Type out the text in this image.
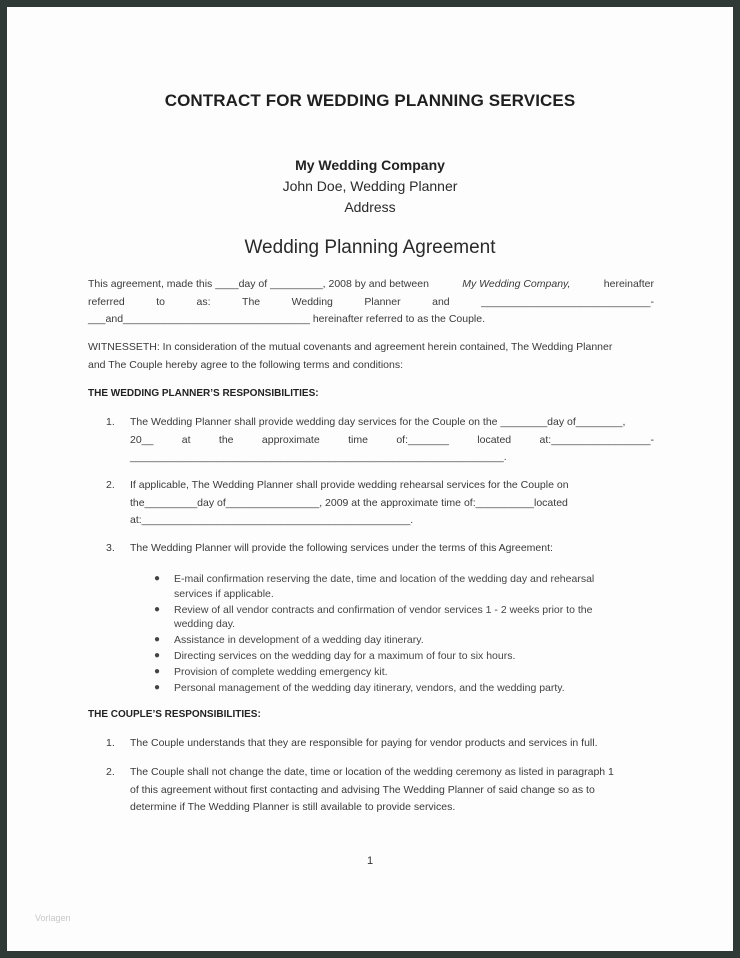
CONTRACT FOR WEDDING PLANNING SERVICES
My Wedding Company
John Doe, Wedding Planner
Address
Wedding Planning Agreement
This agreement, made this ____day of _________, 2008 by and between	My Wedding Company,	hereinafter
referred	to	as:	The	Wedding	Planner	and	_____________________________-
___and________________________________ hereinafter referred to as the Couple.
WITNESSETH: In consideration of the mutual covenants and agreement herein contained, The Wedding Planner
and The Couple hereby agree to the following terms and conditions:
THE WEDDING PLANNER’S RESPONSIBILITIES:
1. The Wedding Planner shall provide wedding day services for the Couple on the ________day of________,
20__	at	the	approximate	time	of:_______	located	at:_________________-
________________________________________________________________.
2. If applicable, The Wedding Planner shall provide wedding rehearsal services for the Couple on
the_________day of________________, 2009 at the approximate time of:__________located
at:______________________________________________.
3. The Wedding Planner will provide the following services under the terms of this Agreement:
● E-mail confirmation reserving the date, time and location of the wedding day and rehearsal services if applicable.
● Review of all vendor contracts and confirmation of vendor services 1 - 2 weeks prior to the wedding day.
● Assistance in development of a wedding day itinerary.
● Directing services on the wedding day for a maximum of four to six hours.
● Provision of complete wedding emergency kit.
● Personal management of the wedding day itinerary, vendors, and the wedding party.
THE COUPLE’S RESPONSIBILITIES:
1. The Couple understands that they are responsible for paying for vendor products and services in full.
2. The Couple shall not change the date, time or location of the wedding ceremony as listed in paragraph 1
of this agreement without first contacting and advising The Wedding Planner of said change so as to
determine if The Wedding Planner is still available to provide services.
1
Vorlagen
